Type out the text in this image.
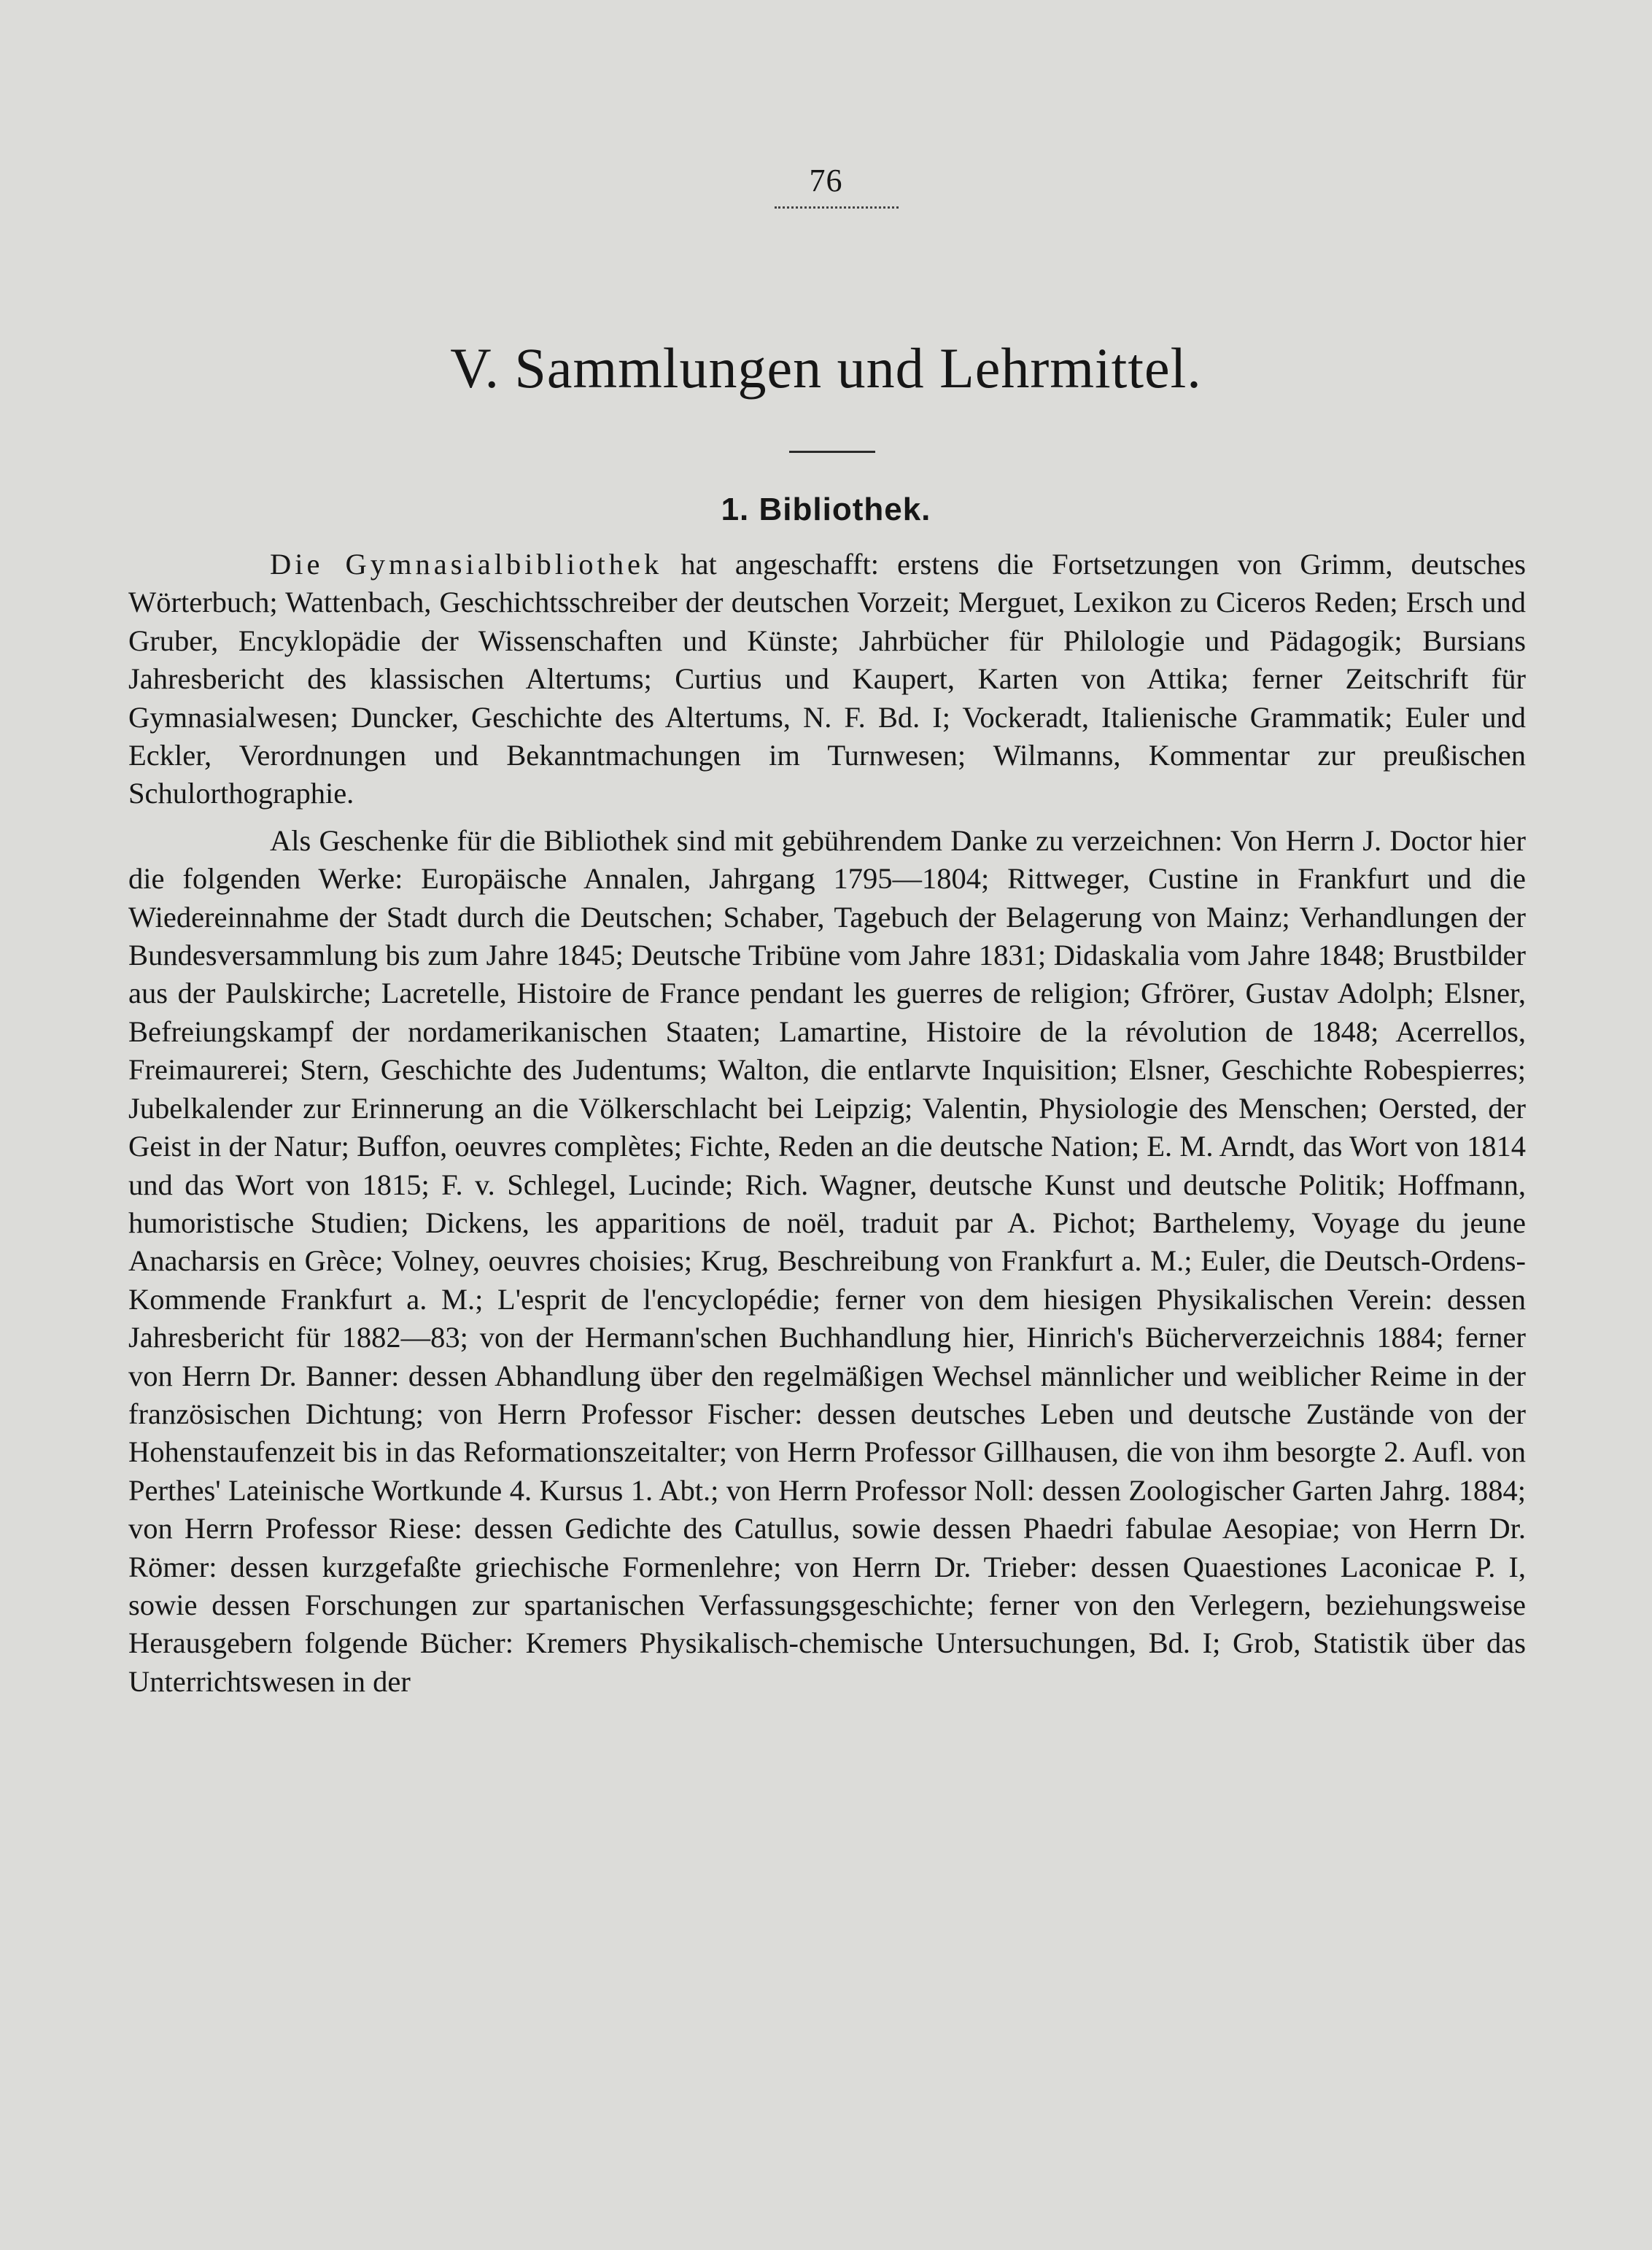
76
V. Sammlungen und Lehrmittel.
1. Bibliothek.

Die Gymnasialbibliothek hat angeschafft: erstens die Fortsetzungen von Grimm, deutsches Wörterbuch; Wattenbach, Geschichtsschreiber der deutschen Vorzeit; Merguet, Lexikon zu Ciceros Reden; Ersch und Gruber, Encyklopädie der Wissenschaften und Künste; Jahrbücher für Philologie und Pädagogik; Bursians Jahresbericht des klassischen Altertums; Curtius und Kaupert, Karten von Attika; ferner Zeitschrift für Gymnasialwesen; Duncker, Geschichte des Altertums, N. F. Bd. I; Vockeradt, Italienische Grammatik; Euler und Eckler, Verordnungen und Bekanntmachungen im Turnwesen; Wilmanns, Kommentar zur preußischen Schulorthographie.

Als Geschenke für die Bibliothek sind mit gebührendem Danke zu verzeichnen: Von Herrn J. Doctor hier die folgenden Werke: Europäische Annalen, Jahrgang 1795—1804; Rittweger, Custine in Frankfurt und die Wiedereinnahme der Stadt durch die Deutschen; Schaber, Tagebuch der Belagerung von Mainz; Verhandlungen der Bundesversammlung bis zum Jahre 1845; Deutsche Tribüne vom Jahre 1831; Didaskalia vom Jahre 1848; Brustbilder aus der Paulskirche; Lacretelle, Histoire de France pendant les guerres de religion; Gfrörer, Gustav Adolph; Elsner, Befreiungskampf der nordamerikanischen Staaten; Lamartine, Histoire de la révolution de 1848; Acerrellos, Freimaurerei; Stern, Geschichte des Judentums; Walton, die entlarvte Inquisition; Elsner, Geschichte Robespierres; Jubelkalender zur Erinnerung an die Völkerschlacht bei Leipzig; Valentin, Physiologie des Menschen; Oersted, der Geist in der Natur; Buffon, oeuvres complètes; Fichte, Reden an die deutsche Nation; E. M. Arndt, das Wort von 1814 und das Wort von 1815; F. v. Schlegel, Lucinde; Rich. Wagner, deutsche Kunst und deutsche Politik; Hoffmann, humoristische Studien; Dickens, les apparitions de noël, traduit par A. Pichot; Barthelemy, Voyage du jeune Anacharsis en Grèce; Volney, oeuvres choisies; Krug, Beschreibung von Frankfurt a. M.; Euler, die Deutsch-Ordens-Kommende Frankfurt a. M.; L'esprit de l'encyclopédie; ferner von dem hiesigen Physikalischen Verein: dessen Jahresbericht für 1882—83; von der Hermann'schen Buchhandlung hier, Hinrich's Bücherverzeichnis 1884; ferner von Herrn Dr. Banner: dessen Abhandlung über den regelmäßigen Wechsel männlicher und weiblicher Reime in der französischen Dichtung; von Herrn Professor Fischer: dessen deutsches Leben und deutsche Zustände von der Hohenstaufenzeit bis in das Reformationszeitalter; von Herrn Professor Gillhausen, die von ihm besorgte 2. Aufl. von Perthes' Lateinische Wortkunde 4. Kursus 1. Abt.; von Herrn Professor Noll: dessen Zoologischer Garten Jahrg. 1884; von Herrn Professor Riese: dessen Gedichte des Catullus, sowie dessen Phaedri fabulae Aesopiae; von Herrn Dr. Römer: dessen kurzgefaßte griechische Formenlehre; von Herrn Dr. Trieber: dessen Quaestiones Laconicae P. I, sowie dessen Forschungen zur spartanischen Verfassungsgeschichte; ferner von den Verlegern, beziehungsweise Herausgebern folgende Bücher: Kremers Physikalisch-chemische Untersuchungen, Bd. I; Grob, Statistik über das Unterrichtswesen in der
